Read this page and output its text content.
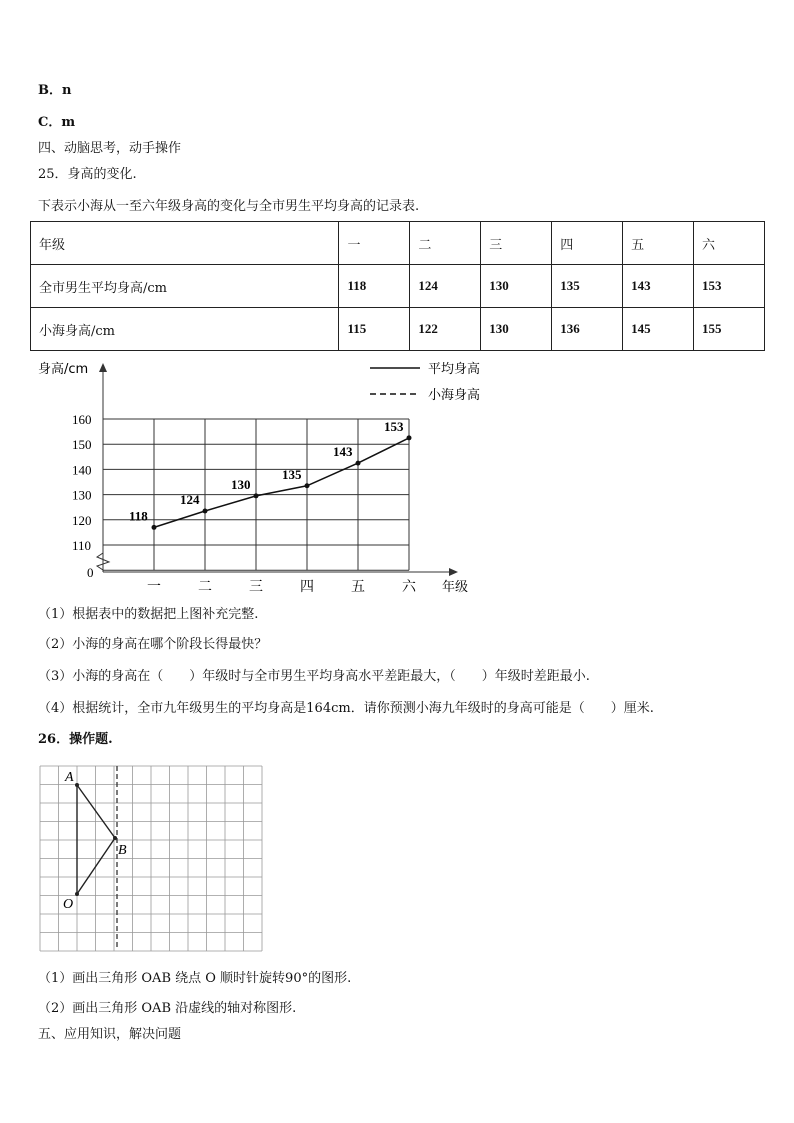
B．n
C．m
四、动脑思考，动手操作
25．身高的变化.
下表示小海从一至六年级身高的变化与全市男生平均身高的记录表.
年级	一	二	三	四	五	六
全市男生平均身高/cm	118	124	130	135	143	153
小海身高/cm	115	122	130	136	145	155
身高/cm
年级
0
110
120
130
140
150
160
一	二	三	四	五	六
118
124
130
135
143
153
平均身高
小海身高
（1）根据表中的数据把上图补充完整.
（2）小海的身高在哪个阶段长得最快？
（3）小海的身高在（　　）年级时与全市男生平均身高水平差距最大，（　　）年级时差距最小.
（4）根据统计，全市九年级男生的平均身高是164cm．请你预测小海九年级时的身高可能是（　　）厘米.
26．操作题.
A
B
O
（1）画出三角形 OAB 绕点 O 顺时针旋转90°的图形.
（2）画出三角形 OAB 沿虚线的轴对称图形.
五、应用知识，解决问题
